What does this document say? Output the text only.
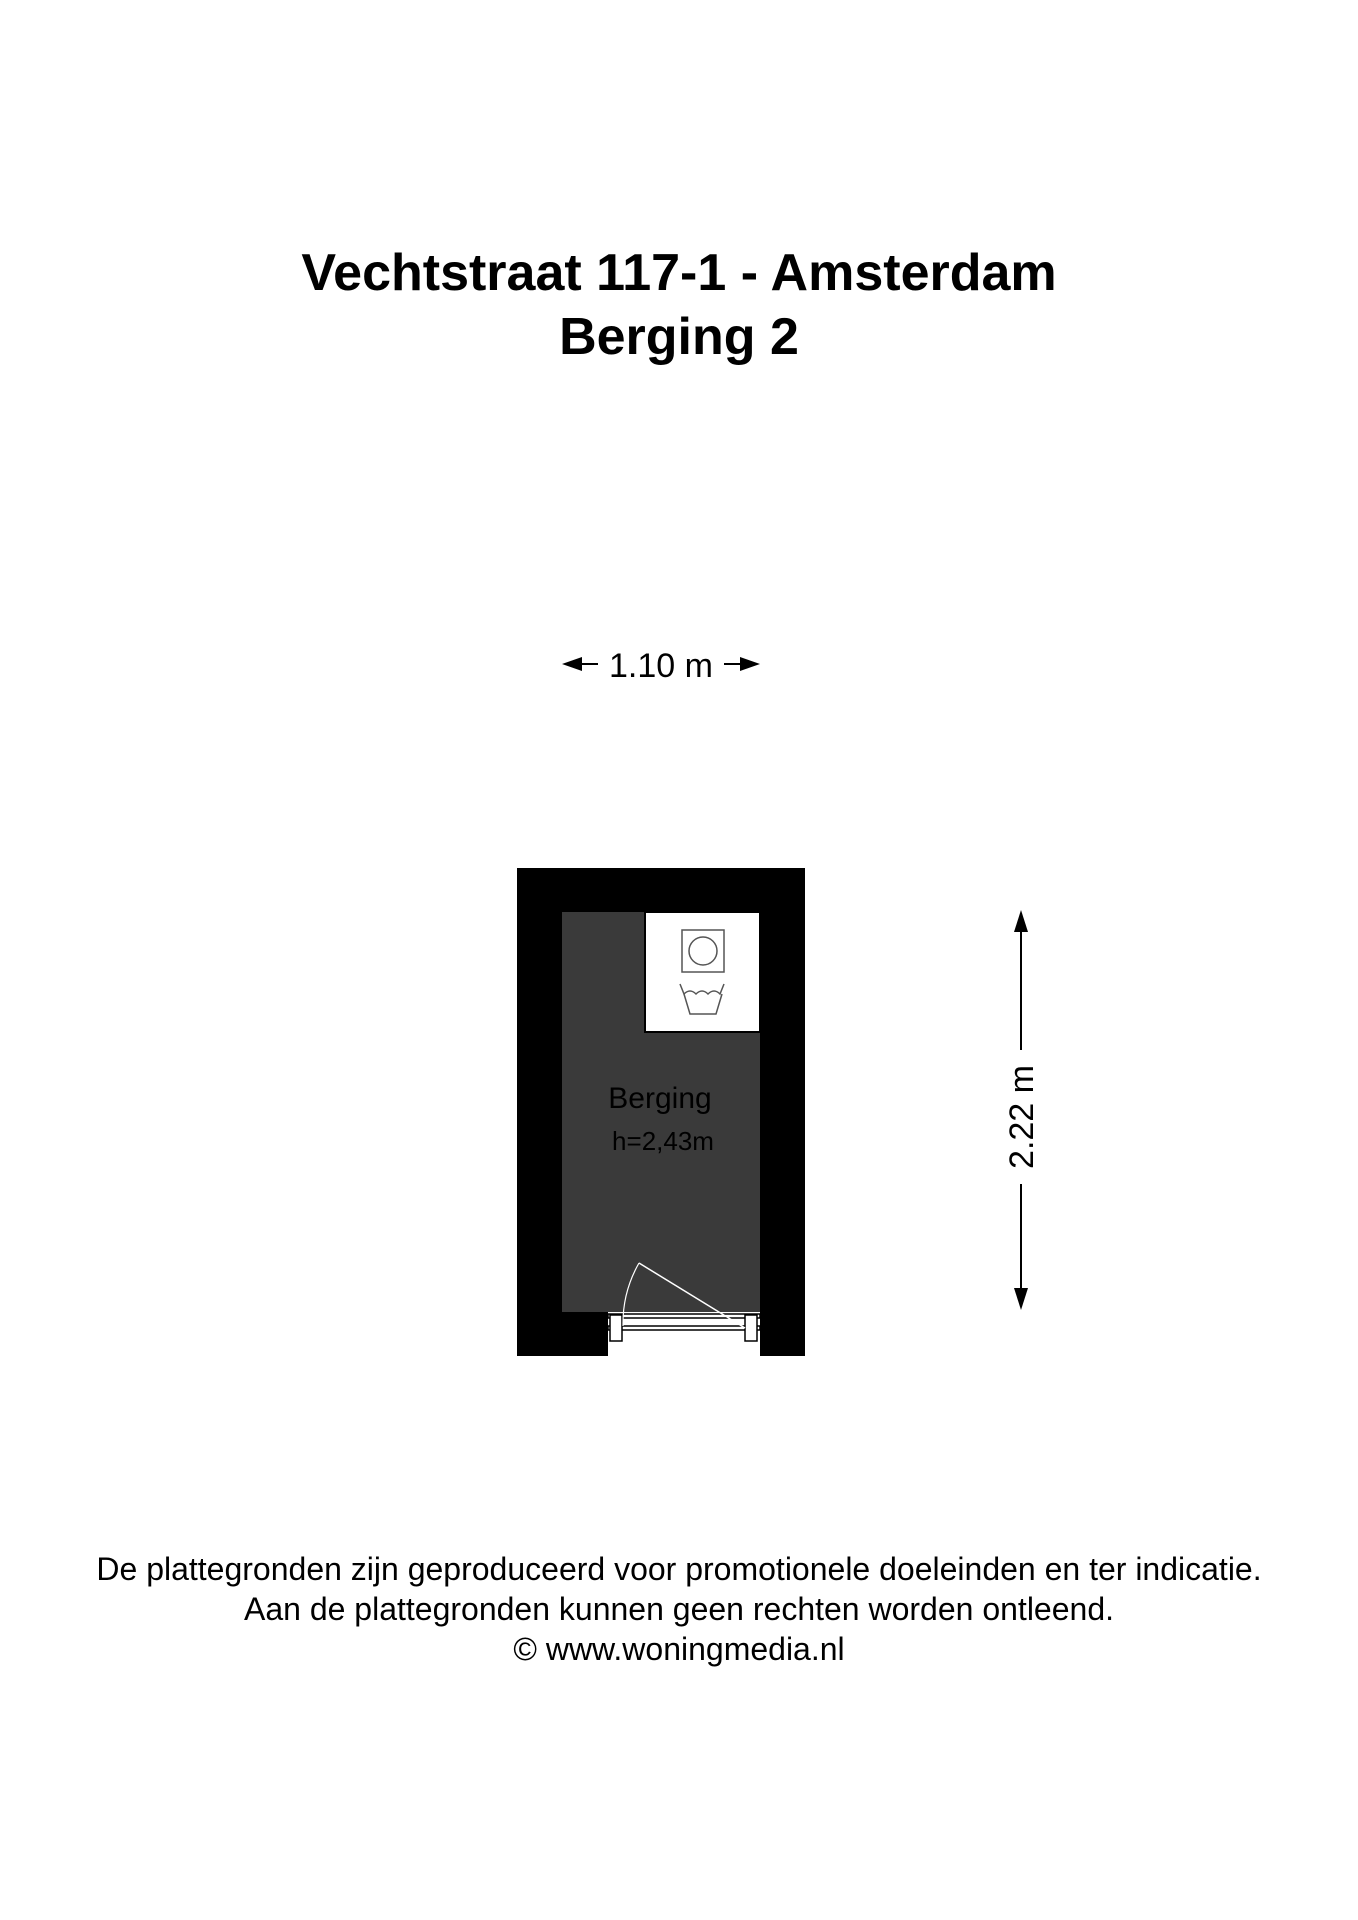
Vechtstraat 117-1 - Amsterdam
Berging 2
1.10 m
2.22 m
Berging
h=2,43m
De plattegronden zijn geproduceerd voor promotionele doeleinden en ter indicatie.
Aan de plattegronden kunnen geen rechten worden ontleend.
© www.woningmedia.nl
